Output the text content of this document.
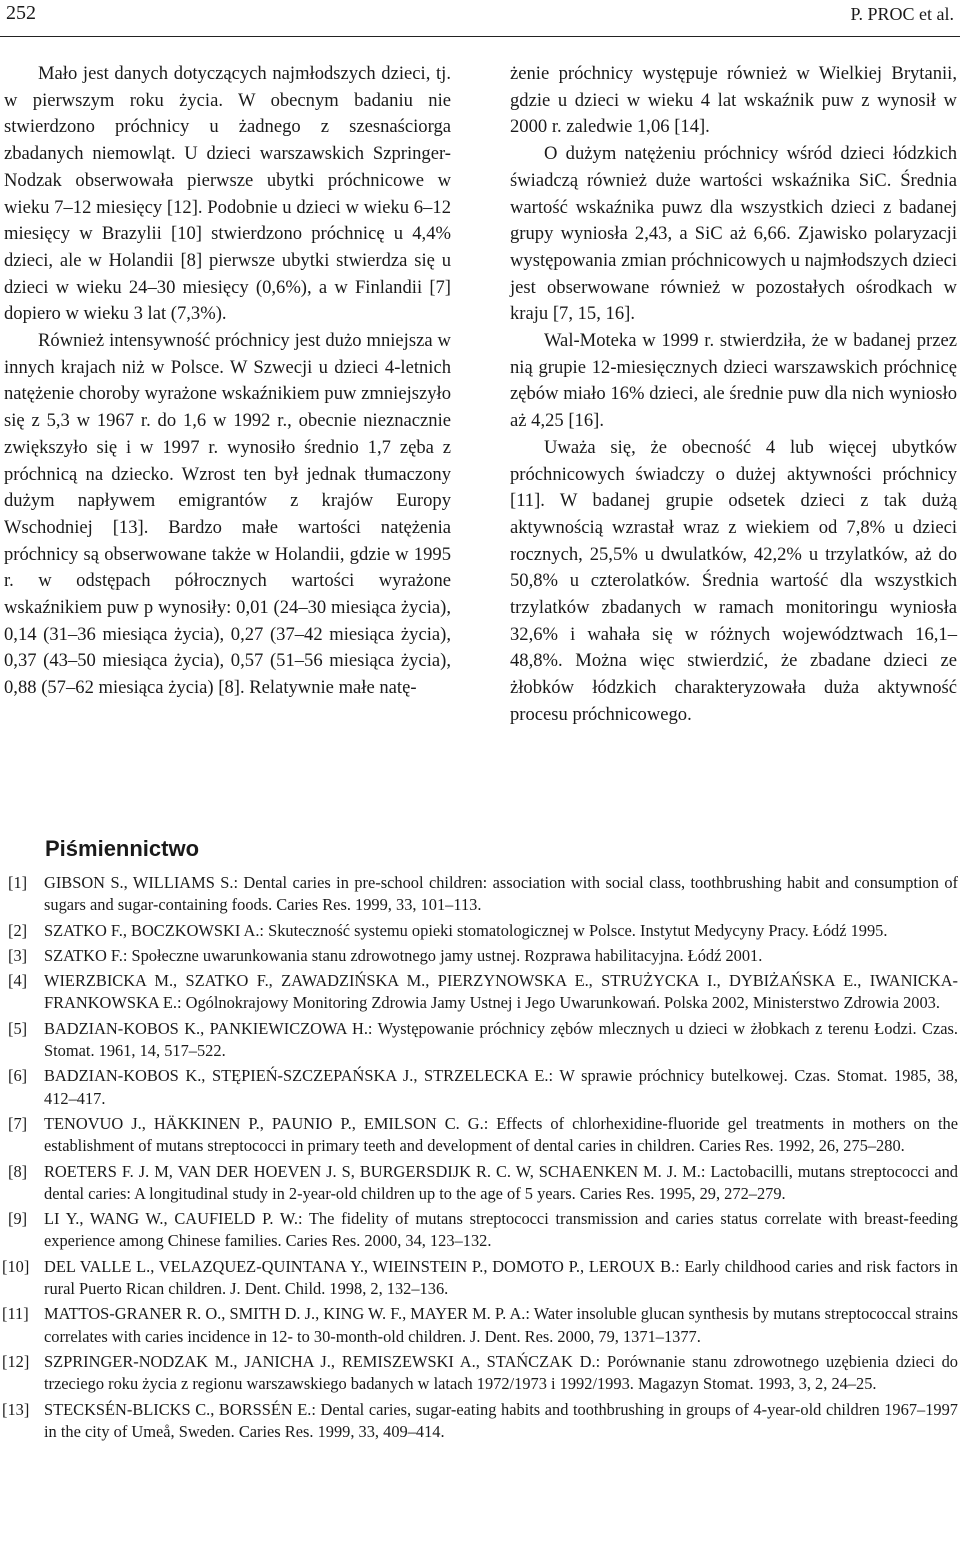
252	P. PROC et al.

Mało jest danych dotyczących najmłodszych dzieci, tj. w pierwszym roku życia. W obecnym badaniu nie stwierdzono próchnicy u żadnego z szesnaściorga zbadanych niemowląt. U dzieci warszawskich Szpringer-Nodzak obserwowała pierwsze ubytki próchnicowe w wieku 7–12 miesięcy [12]. Podobnie u dzieci w wieku 6–12 miesięcy w Brazylii [10] stwierdzono próchnicę u 4,4% dzieci, ale w Holandii [8] pierwsze ubytki stwierdza się u dzieci w wieku 24–30 miesięcy (0,6%), a w Finlandii [7] dopiero w wieku 3 lat (7,3%).

Również intensywność próchnicy jest dużo mniejsza w innych krajach niż w Polsce. W Szwecji u dzieci 4-letnich natężenie choroby wyrażone wskaźnikiem puw zmniejszyło się z 5,3 w 1967 r. do 1,6 w 1992 r., obecnie nieznacznie zwiększyło się i w 1997 r. wynosiło średnio 1,7 zęba z próchnicą na dziecko. Wzrost ten był jednak tłumaczony dużym napływem emigrantów z krajów Europy Wschodniej [13]. Bardzo małe wartości natężenia próchnicy są obserwowane także w Holandii, gdzie w 1995 r. w odstępach półrocznych wartości wyrażone wskaźnikiem puw p wynosiły: 0,01 (24–30 miesiąca życia), 0,14 (31–36 miesiąca życia), 0,27 (37–42 miesiąca życia), 0,37 (43–50 miesiąca życia), 0,57 (51–56 miesiąca życia), 0,88 (57–62 miesiąca życia) [8]. Relatywnie małe natę-

żenie próchnicy występuje również w Wielkiej Brytanii, gdzie u dzieci w wieku 4 lat wskaźnik puw z wynosił w 2000 r. zaledwie 1,06 [14].

O dużym natężeniu próchnicy wśród dzieci łódzkich świadczą również duże wartości wskaźnika SiC. Średnia wartość wskaźnika puwz dla wszystkich dzieci z badanej grupy wyniosła 2,43, a SiC aż 6,66. Zjawisko polaryzacji występowania zmian próchnicowych u najmłodszych dzieci jest obserwowane również w pozostałych ośrodkach w kraju [7, 15, 16].

Wal-Moteka w 1999 r. stwierdziła, że w badanej przez nią grupie 12-miesięcznych dzieci warszawskich próchnicę zębów miało 16% dzieci, ale średnie puw dla nich wyniosło aż 4,25 [16].

Uważa się, że obecność 4 lub więcej ubytków próchnicowych świadczy o dużej aktywności próchnicy [11]. W badanej grupie odsetek dzieci z tak dużą aktywnością wzrastał wraz z wiekiem od 7,8% u dzieci rocznych, 25,5% u dwulatków, 42,2% u trzylatków, aż do 50,8% u czterolatków. Średnia wartość dla wszystkich trzylatków zbadanych w ramach monitoringu wyniosła 32,6% i wahała się w różnych województwach 16,1–48,8%. Można więc stwierdzić, że zbadane dzieci ze żłobków łódzkich charakteryzowała duża aktywność procesu próchnicowego.

Piśmiennictwo
[1] GIBSON S., WILLIAMS S.: Dental caries in pre-school children: association with social class, toothbrushing habit and consumption of sugars and sugar-containing foods. Caries Res. 1999, 33, 101–113.
[2] SZATKO F., BOCZKOWSKI A.: Skuteczność systemu opieki stomatologicznej w Polsce. Instytut Medycyny Pracy. Łódź 1995.
[3] SZATKO F.: Społeczne uwarunkowania stanu zdrowotnego jamy ustnej. Rozprawa habilitacyjna. Łódź 2001.
[4] WIERZBICKA M., SZATKO F., ZAWADZIŃSKA M., PIERZYNOWSKA E., STRUŻYCKA I., DYBIŻAŃSKA E., IWANICKA-FRANKOWSKA E.: Ogólnokrajowy Monitoring Zdrowia Jamy Ustnej i Jego Uwarunkowań. Polska 2002, Ministerstwo Zdrowia 2003.
[5] BADZIAN-KOBOS K., PANKIEWICZOWA H.: Występowanie próchnicy zębów mlecznych u dzieci w żłobkach z terenu Łodzi. Czas. Stomat. 1961, 14, 517–522.
[6] BADZIAN-KOBOS K., STĘPIEŃ-SZCZEPAŃSKA J., STRZELECKA E.: W sprawie próchnicy butelkowej. Czas. Stomat. 1985, 38, 412–417.
[7] TENOVUO J., HÄKKINEN P., PAUNIO P., EMILSON C. G.: Effects of chlorhexidine-fluoride gel treatments in mothers on the establishment of mutans streptococci in primary teeth and development of dental caries in children. Caries Res. 1992, 26, 275–280.
[8] ROETERS F. J. M, VAN DER HOEVEN J. S, BURGERSDIJK R. C. W, SCHAENKEN M. J. M.: Lactobacilli, mutans streptococci and dental caries: A longitudinal study in 2-year-old children up to the age of 5 years. Caries Res. 1995, 29, 272–279.
[9] LI Y., WANG W., CAUFIELD P. W.: The fidelity of mutans streptococci transmission and caries status correlate with breast-feeding experience among Chinese families. Caries Res. 2000, 34, 123–132.
[10] DEL VALLE L., VELAZQUEZ-QUINTANA Y., WIEINSTEIN P., DOMOTO P., LEROUX B.: Early childhood caries and risk factors in rural Puerto Rican children. J. Dent. Child. 1998, 2, 132–136.
[11] MATTOS-GRANER R. O., SMITH D. J., KING W. F., MAYER M. P. A.: Water insoluble glucan synthesis by mutans streptococcal strains correlates with caries incidence in 12- to 30-month-old children. J. Dent. Res. 2000, 79, 1371–1377.
[12] SZPRINGER-NODZAK M., JANICHA J., REMISZEWSKI A., STAŃCZAK D.: Porównanie stanu zdrowotnego uzębienia dzieci do trzeciego roku życia z regionu warszawskiego badanych w latach 1972/1973 i 1992/1993. Magazyn Stomat. 1993, 3, 2, 24–25.
[13] STECKSÉN-BLICKS C., BORSSÉN E.: Dental caries, sugar-eating habits and toothbrushing in groups of 4-year-old children 1967–1997 in the city of Umeå, Sweden. Caries Res. 1999, 33, 409–414.
